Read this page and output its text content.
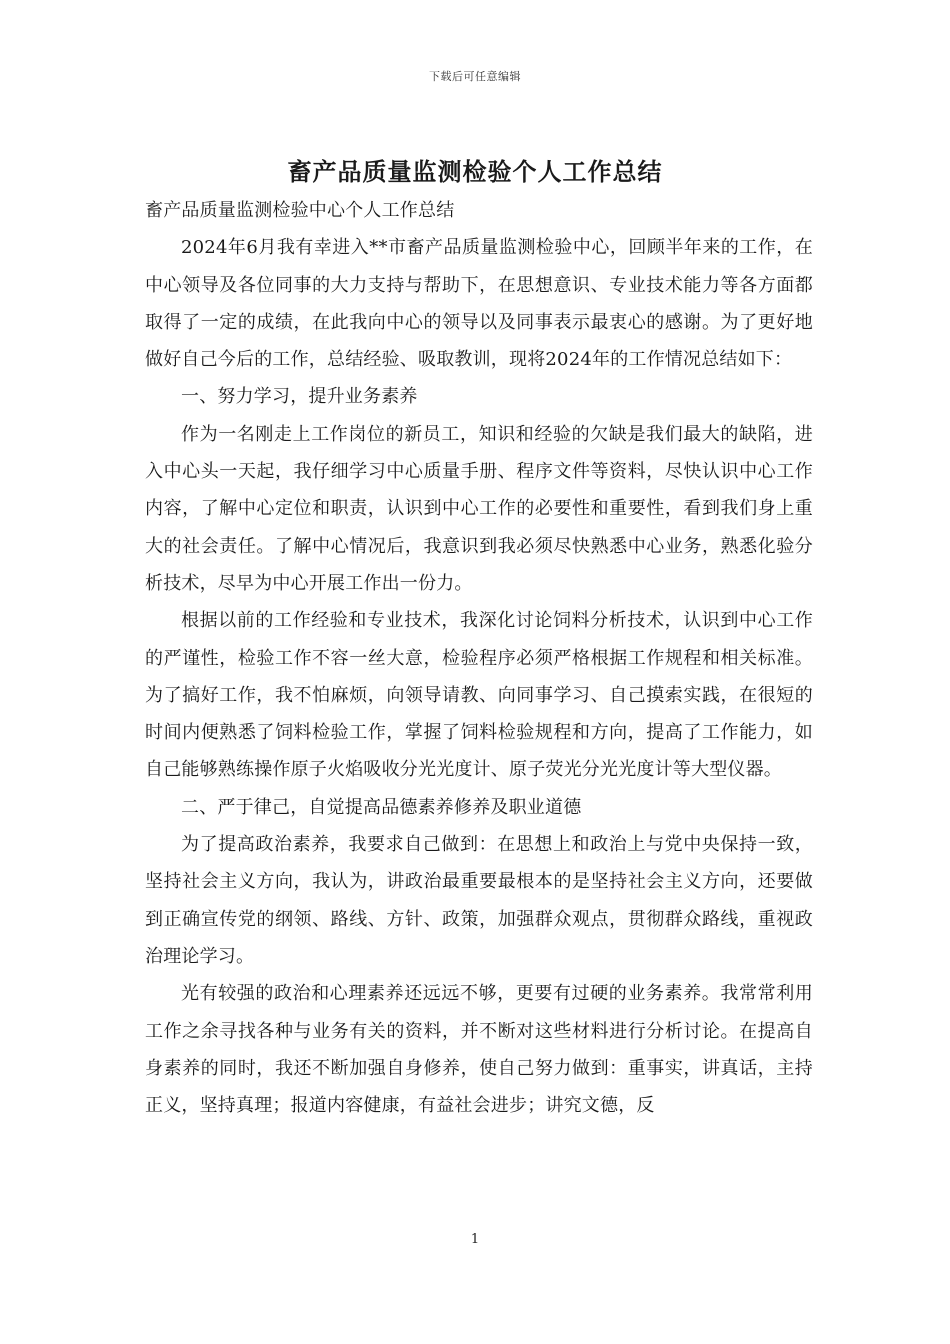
下载后可任意编辑
畜产品质量监测检验个人工作总结

畜产品质量监测检验中心个人工作总结

2024年6月我有幸进入**市畜产品质量监测检验中心，回顾半年来的工作，在中心领导及各位同事的大力支持与帮助下，在思想意识、专业技术能力等各方面都取得了一定的成绩，在此我向中心的领导以及同事表示最衷心的感谢。为了更好地做好自己今后的工作，总结经验、吸取教训，现将2024年的工作情况总结如下：

一、努力学习，提升业务素养

作为一名刚走上工作岗位的新员工，知识和经验的欠缺是我们最大的缺陷，进入中心头一天起，我仔细学习中心质量手册、程序文件等资料，尽快认识中心工作内容，了解中心定位和职责，认识到中心工作的必要性和重要性，看到我们身上重大的社会责任。了解中心情况后，我意识到我必须尽快熟悉中心业务，熟悉化验分析技术，尽早为中心开展工作出一份力。

根据以前的工作经验和专业技术，我深化讨论饲料分析技术，认识到中心工作的严谨性，检验工作不容一丝大意，检验程序必须严格根据工作规程和相关标准。为了搞好工作，我不怕麻烦，向领导请教、向同事学习、自己摸索实践，在很短的时间内便熟悉了饲料检验工作，掌握了饲料检验规程和方向，提高了工作能力，如自己能够熟练操作原子火焰吸收分光光度计、原子荧光分光光度计等大型仪器。

二、严于律己，自觉提高品德素养修养及职业道德

为了提高政治素养，我要求自己做到：在思想上和政治上与党中央保持一致，坚持社会主义方向，我认为，讲政治最重要最根本的是坚持社会主义方向，还要做到正确宣传党的纲领、路线、方针、政策，加强群众观点，贯彻群众路线，重视政治理论学习。

光有较强的政治和心理素养还远远不够，更要有过硬的业务素养。我常常利用工作之余寻找各种与业务有关的资料，并不断对这些材料进行分析讨论。在提高自身素养的同时，我还不断加强自身修养，使自己努力做到：重事实，讲真话，主持正义，坚持真理；报道内容健康，有益社会进步；讲究文德，反

1
